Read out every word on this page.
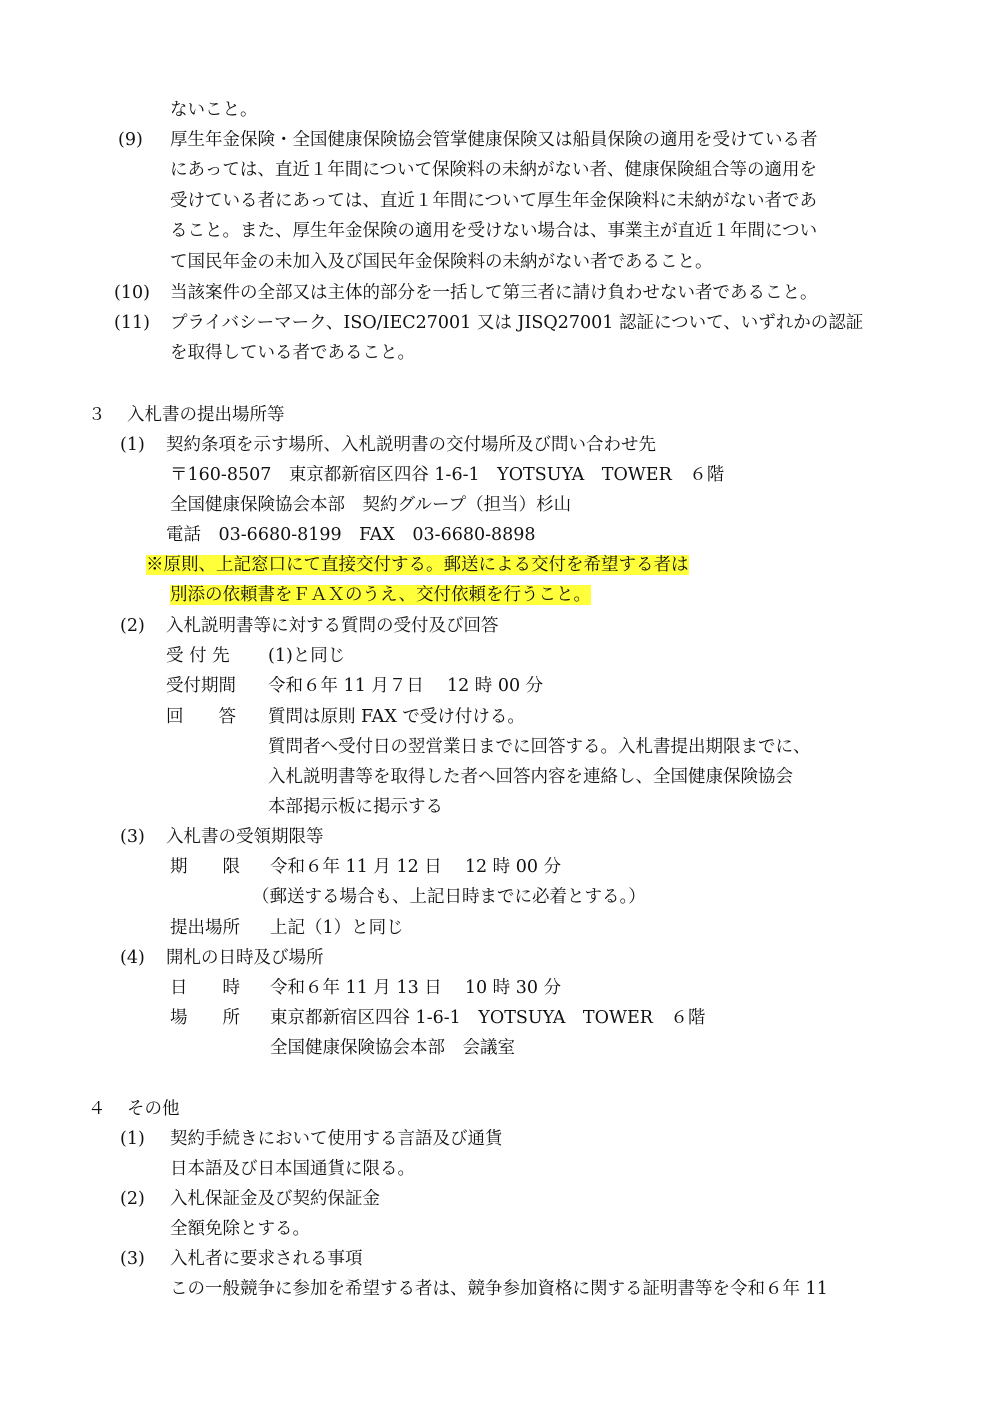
ないこと。
(9) 厚生年金保険・全国健康保険協会管掌健康保険又は船員保険の適用を受けている者
にあっては、直近１年間について保険料の未納がない者、健康保険組合等の適用を
受けている者にあっては、直近１年間について厚生年金保険料に未納がない者であ
ること。また、厚生年金保険の適用を受けない場合は、事業主が直近１年間につい
て国民年金の未加入及び国民年金保険料の未納がない者であること。
(10) 当該案件の全部又は主体的部分を一括して第三者に請け負わせない者であること。
(11) プライバシーマーク、ISO/IEC27001 又は JISQ27001 認証について、いずれかの認証
を取得している者であること。
３ 入札書の提出場所等
(1) 契約条項を示す場所、入札説明書の交付場所及び問い合わせ先
〒160-8507　東京都新宿区四谷 1-6-1　YOTSUYA　TOWER　６階
全国健康保険協会本部　契約グループ（担当）杉山
電話　03-6680-8199　FAX　03-6680-8898
※原則、上記窓口にて直接交付する。郵送による交付を希望する者は
別添の依頼書をＦＡＸのうえ、交付依頼を行うこと。
(2) 入札説明書等に対する質問の受付及び回答
受 付 先 (1)と同じ
受付期間 令和６年 11 月７日　 12 時 00 分
回　　答 質問は原則 FAX で受け付ける。
質問者へ受付日の翌営業日までに回答する。入札書提出期限までに、
入札説明書等を取得した者へ回答内容を連絡し、全国健康保険協会
本部掲示板に掲示する
(3) 入札書の受領期限等
期　　限 令和６年 11 月 12 日　 12 時 00 分
（郵送する場合も、上記日時までに必着とする。）
提出場所 上記（1）と同じ
(4) 開札の日時及び場所
日　　時 令和６年 11 月 13 日　 10 時 30 分
場　　所 東京都新宿区四谷 1-6-1　YOTSUYA　TOWER　６階
全国健康保険協会本部　会議室
４ その他
(1) 契約手続きにおいて使用する言語及び通貨
日本語及び日本国通貨に限る。
(2) 入札保証金及び契約保証金
全額免除とする。
(3) 入札者に要求される事項
この一般競争に参加を希望する者は、競争参加資格に関する証明書等を令和６年 11
